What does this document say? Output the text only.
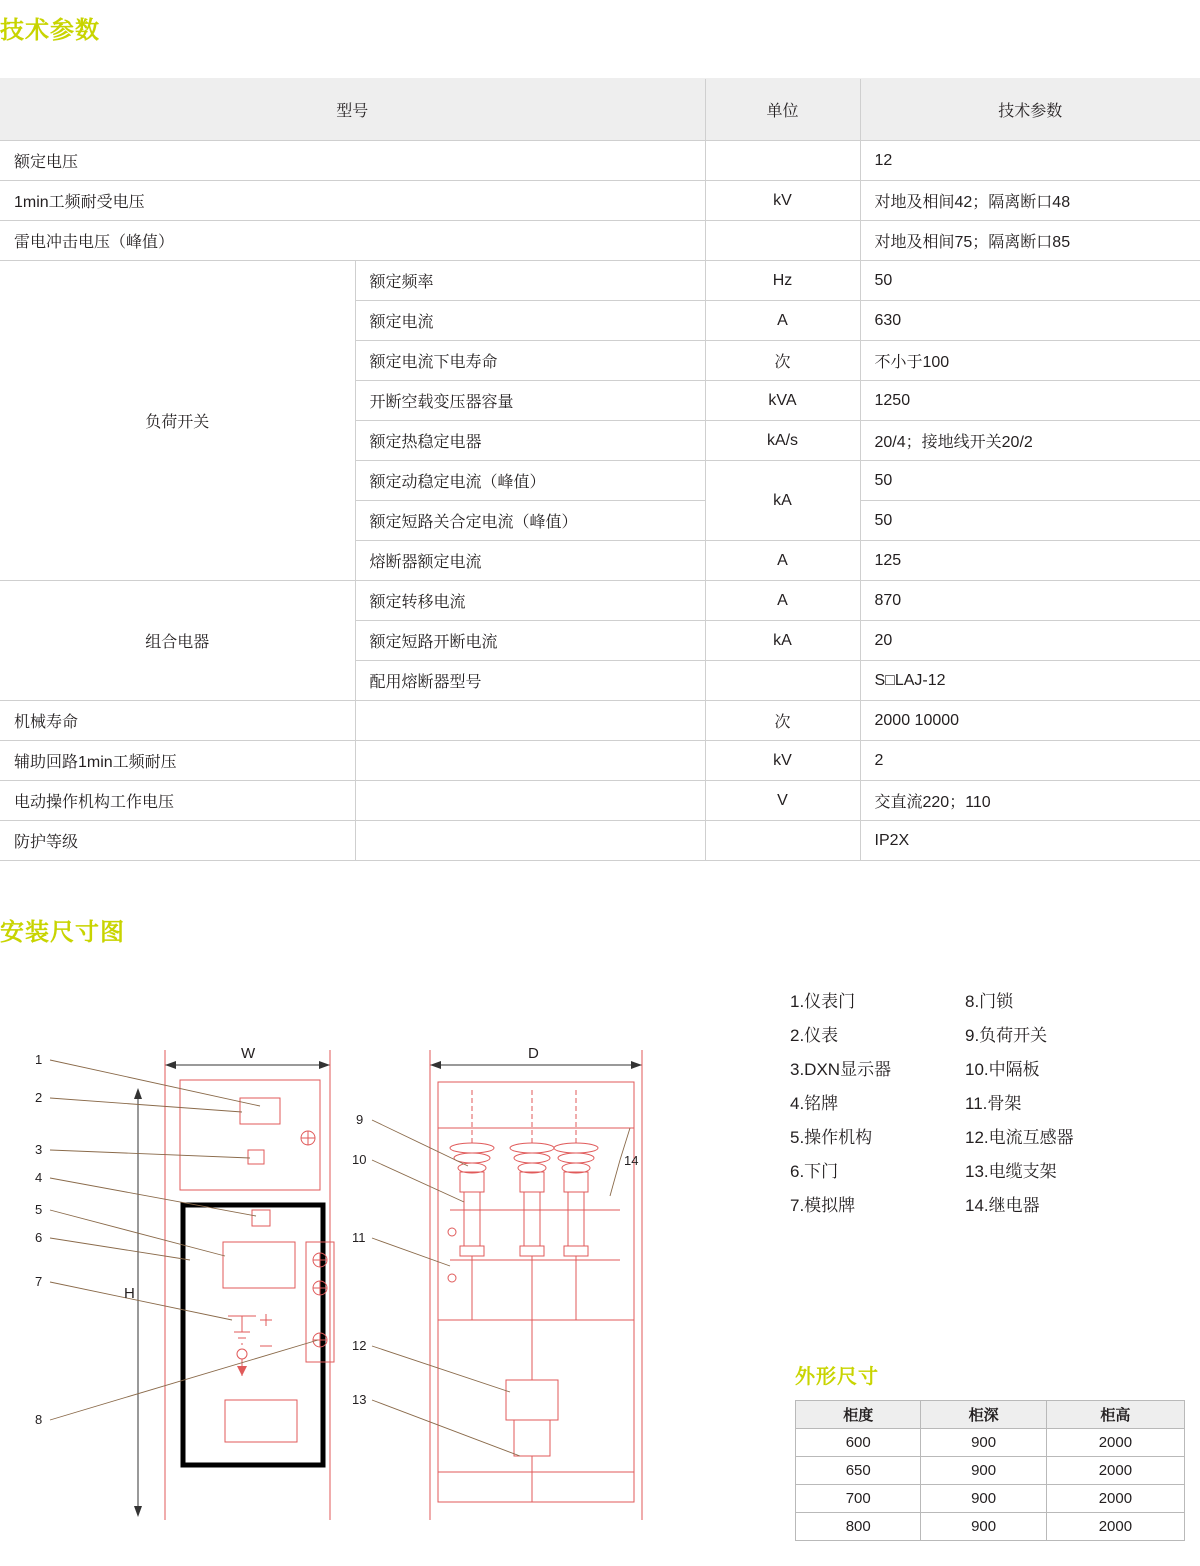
技术参数
型号		单位	技术参数
额定电压			12
1min工频耐受电压		kV	对地及相间42；隔离断口48
雷电冲击电压（峰值）			对地及相间75；隔离断口85
负荷开关	额定频率	Hz	50
	额定电流	A	630
	额定电流下电寿命	次	不小于100
	开断空载变压器容量	kVA	1250
	额定热稳定电器	kA/s	20/4；接地线开关20/2
	额定动稳定电流（峰值）	kA	50
	额定短路关合定电流（峰值）		50
	熔断器额定电流	A	125
组合电器	额定转移电流	A	870
	额定短路开断电流	kA	20
	配用熔断器型号		S□LAJ-12
机械寿命		次	2000 10000
辅助回路1min工频耐压		kV	2
电动操作机构工作电压		V	交直流220；110
防护等级			IP2X
安装尺寸图
1
2
3
4
5
6
7
8
9
10
11
12
13
14
W	D
H
1.仪表门
2.仪表
3.DXN显示器
4.铭牌
5.操作机构
6.下门
7.模拟牌
8.门锁
9.负荷开关
10.中隔板
11.骨架
12.电流互感器
13.电缆支架
14.继电器
外形尺寸
柜度	柜深	柜高
600	900	2000
650	900	2000
700	900	2000
800	900	2000
